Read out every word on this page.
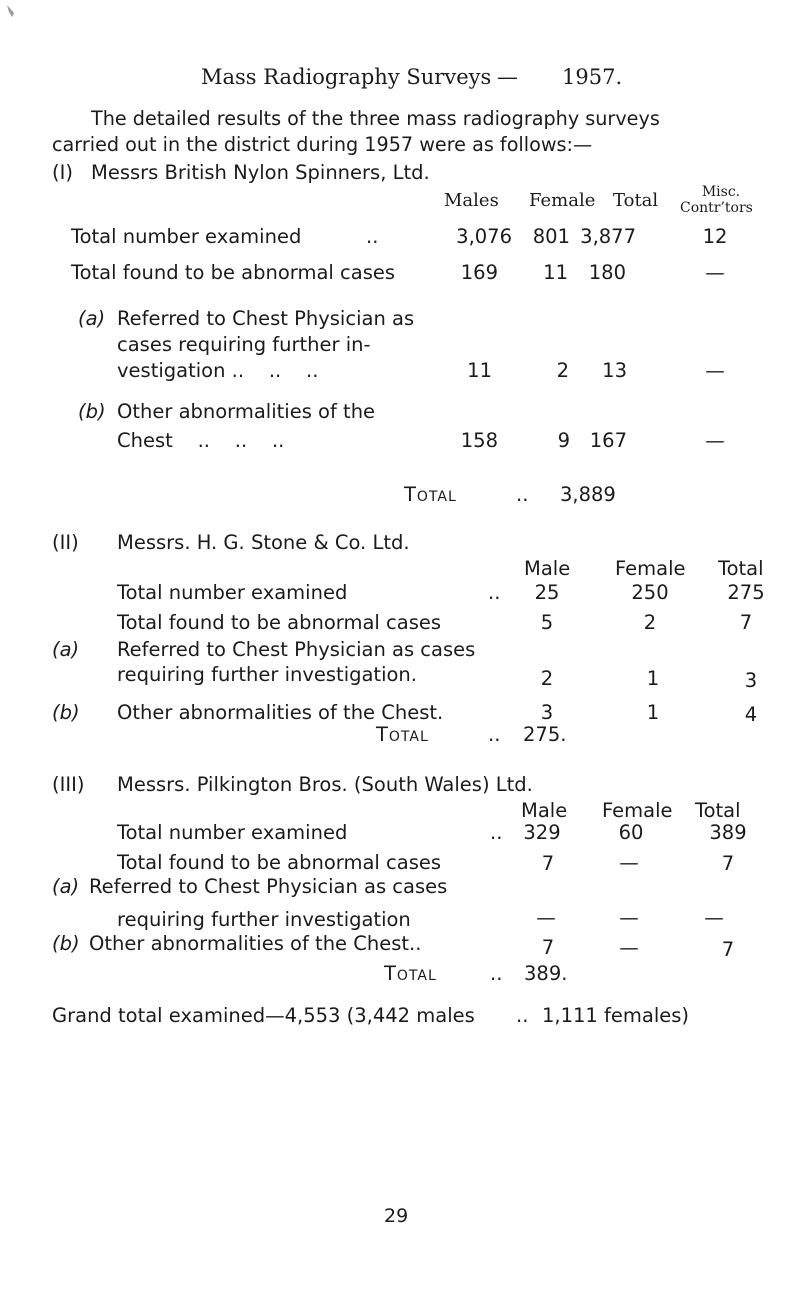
Mass Radiography Surveys — 1957.
The detailed results of the three mass radiography surveys
carried out in the district during 1957 were as follows:—
(I) Messrs British Nylon Spinners, Ltd.
Males Female Total	Misc.
Contr’tors
Total number examined	..	3,076 801 3,877	12
Total found to be abnormal cases	169	11	180	—
(a) Referred to Chest Physician as
cases requiring further in-
vestigation ..    ..    ..	11	2	13	—
(b) Other abnormalities of the
Chest    ..    ..    ..	158	9	167	—
Total	.. 3,889
(II) Messrs. H. G. Stone & Co. Ltd.
Male Female Total
Total number examined	..	25	250	275
Total found to be abnormal cases	5	2	7
(a) Referred to Chest Physician as cases
requiring further investigation.	2	1	3
(b) Other abnormalities of the Chest.	3	1	4
Total	.. 275.
(III) Messrs. Pilkington Bros. (South Wales) Ltd.
Male Female Total
Total number examined	..	329	60	389
Total found to be abnormal cases	7	—	7
(a) Referred to Chest Physician as cases
requiring further investigation	—	—	—
(b) Other abnormalities of the Chest..	7	—	7
Total	.. 389.
Grand total examined—4,553 (3,442 males .. 1,111 females)
29
